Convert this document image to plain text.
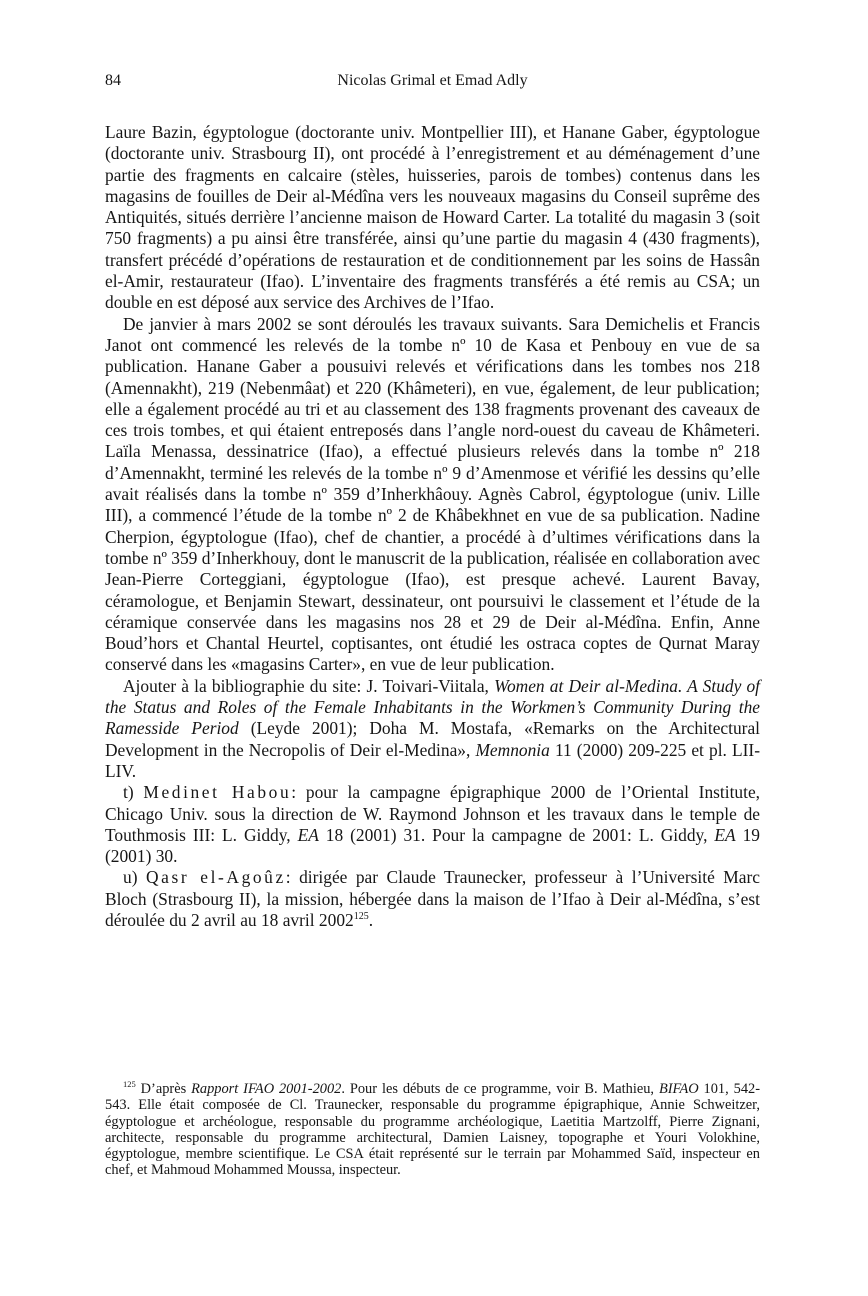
84	Nicolas Grimal et Emad Adly

Laure Bazin, égyptologue (doctorante univ. Montpellier III), et Hanane Gaber, égyptologue (doctorante univ. Strasbourg II), ont procédé à l’enregistrement et au déménagement d’une partie des fragments en calcaire (stèles, huisseries, parois de tombes) contenus dans les magasins de fouilles de Deir al-Médîna vers les nouveaux magasins du Conseil suprême des Antiquités, situés derrière l’ancienne maison de Howard Carter. La totalité du magasin 3 (soit 750 fragments) a pu ainsi être transférée, ainsi qu’une partie du magasin 4 (430 fragments), transfert précédé d’opérations de restauration et de conditionnement par les soins de Hassân el-Amir, restaurateur (Ifao). L’inventaire des fragments transférés a été remis au CSA; un double en est déposé aux service des Archives de l’Ifao.

De janvier à mars 2002 se sont déroulés les travaux suivants. Sara Demichelis et Francis Janot ont commencé les relevés de la tombe nº 10 de Kasa et Penbouy en vue de sa publication. Hanane Gaber a pousuivi relevés et vérifications dans les tombes nos 218 (Amennakht), 219 (Nebenmâat) et 220 (Khâmeteri), en vue, également, de leur publication; elle a également procédé au tri et au classement des 138 fragments provenant des caveaux de ces trois tombes, et qui étaient entreposés dans l’angle nord-ouest du caveau de Khâmeteri. Laïla Menassa, dessinatrice (Ifao), a effectué plusieurs relevés dans la tombe nº 218 d’Amennakht, terminé les relevés de la tombe nº 9 d’Amenmose et vérifié les dessins qu’elle avait réalisés dans la tombe nº 359 d’Inherkhâouy. Agnès Cabrol, égyptologue (univ. Lille III), a commencé l’étude de la tombe nº 2 de Khâbekhnet en vue de sa publication. Nadine Cherpion, égyptologue (Ifao), chef de chantier, a procédé à d’ultimes vérifications dans la tombe nº 359 d’Inherkhouy, dont le manuscrit de la publication, réalisée en collaboration avec Jean-Pierre Corteggiani, égyptologue (Ifao), est presque achevé. Laurent Bavay, céramologue, et Benjamin Stewart, dessinateur, ont poursuivi le classement et l’étude de la céramique conservée dans les magasins nos 28 et 29 de Deir al-Médîna. Enfin, Anne Boud’hors et Chantal Heurtel, coptisantes, ont étudié les ostraca coptes de Qurnat Maray conservé dans les «magasins Carter», en vue de leur publication.

Ajouter à la bibliographie du site: J. Toivari-Viitala, Women at Deir al-Medina. A Study of the Status and Roles of the Female Inhabitants in the Workmen’s Community During the Ramesside Period (Leyde 2001); Doha M. Mostafa, «Remarks on the Architectural Development in the Necropolis of Deir el-Medina», Memnonia 11 (2000) 209-225 et pl. LII-LIV.

t) Medinet Habou: pour la campagne épigraphique 2000 de l’Oriental Institute, Chicago Univ. sous la direction de W. Raymond Johnson et les travaux dans le temple de Touthmosis III: L. Giddy, EA 18 (2001) 31. Pour la campagne de 2001: L. Giddy, EA 19 (2001) 30.

u) Qasr el-Agoûz: dirigée par Claude Traunecker, professeur à l’Université Marc Bloch (Strasbourg II), la mission, hébergée dans la maison de l’Ifao à Deir al-Médîna, s’est déroulée du 2 avril au 18 avril 2002$^{125}$.

$^{125}$ D’après Rapport IFAO 2001-2002. Pour les débuts de ce programme, voir B. Mathieu, BIFAO 101, 542-543. Elle était composée de Cl. Traunecker, responsable du programme épigraphique, Annie Schweitzer, égyptologue et archéologue, responsable du programme archéologique, Laetitia Martzolff, Pierre Zignani, architecte, responsable du programme architectural, Damien Laisney, topographe et Youri Volokhine, égyptologue, membre scientifique. Le CSA était représenté sur le terrain par Mohammed Saïd, inspecteur en chef, et Mahmoud Mohammed Moussa, inspecteur.
